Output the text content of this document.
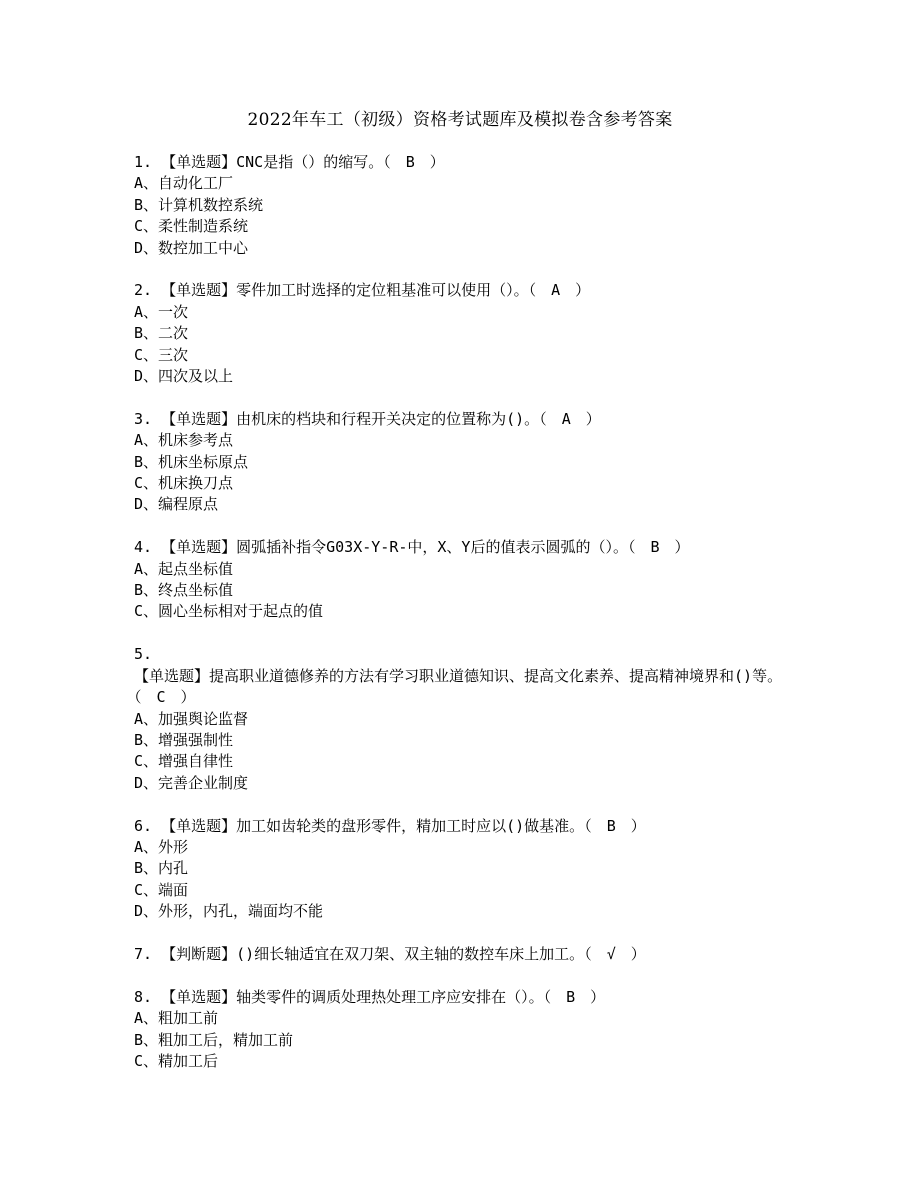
2022年车工（初级）资格考试题库及模拟卷含参考答案
1. 【单选题】CNC是指（）的缩写。（　B　）
A、自动化工厂
B、计算机数控系统
C、柔性制造系统
D、数控加工中心
2. 【单选题】零件加工时选择的定位粗基准可以使用（）。（　A　）
A、一次
B、二次
C、三次
D、四次及以上
3. 【单选题】由机床的档块和行程开关决定的位置称为()。（　A　）
A、机床参考点
B、机床坐标原点
C、机床换刀点
D、编程原点
4. 【单选题】圆弧插补指令G03X-Y-R-中，X、Y后的值表示圆弧的（）。（　B　）
A、起点坐标值
B、终点坐标值
C、圆心坐标相对于起点的值
5.
【单选题】提高职业道德修养的方法有学习职业道德知识、提高文化素养、提高精神境界和()等。（　C　）
A、加强舆论监督
B、增强强制性
C、增强自律性
D、完善企业制度
6. 【单选题】加工如齿轮类的盘形零件，精加工时应以()做基准。（　B　）
A、外形
B、内孔
C、端面
D、外形，内孔，端面均不能
7. 【判断题】()细长轴适宜在双刀架、双主轴的数控车床上加工。（　√　）
8. 【单选题】轴类零件的调质处理热处理工序应安排在（）。（　B　）
A、粗加工前
B、粗加工后，精加工前
C、精加工后
